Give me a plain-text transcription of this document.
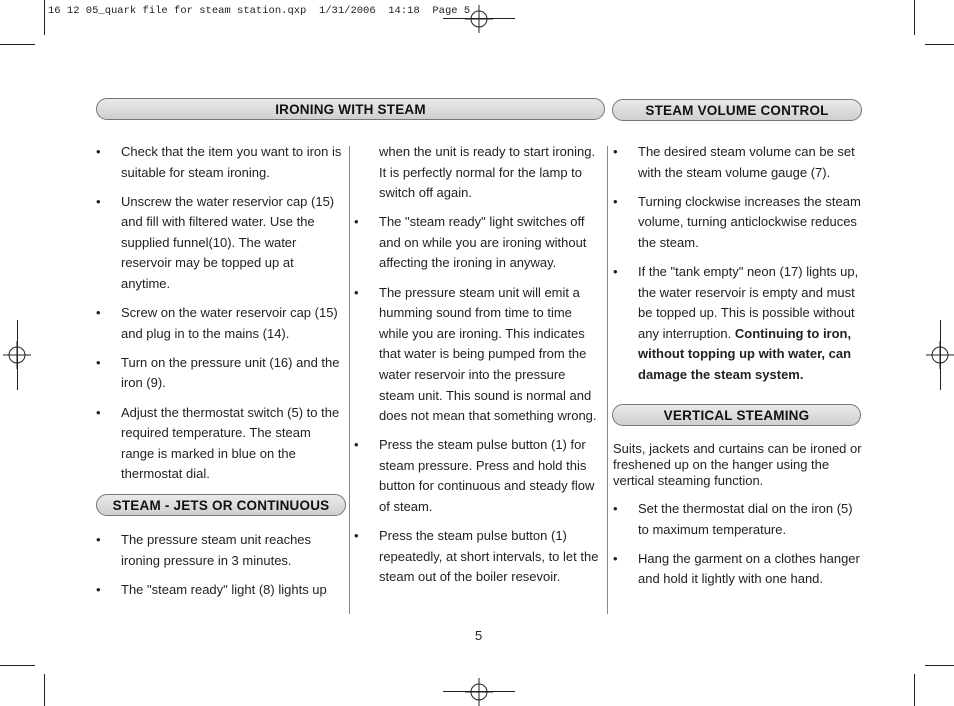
16 12 05_quark file for steam station.qxp  1/31/2006  14:18  Page 5
IRONING WITH STEAM	STEAM VOLUME CONTROL
STEAM - JETS OR CONTINUOUS
VERTICAL STEAMING
• Check that the item you want to iron is suitable for steam ironing.
• Unscrew the water reservior cap (15) and fill with filtered water. Use the supplied funnel(10). The water reservoir may be topped up at anytime.
• Screw on the water reservoir cap (15) and plug in to the mains (14).
• Turn on the pressure unit (16) and the iron (9).
• Adjust the thermostat switch (5) to the required temperature. The steam range is marked in blue on the thermostat dial.
• The pressure steam unit reaches ironing pressure in 3 minutes.
• The "steam ready" light (8) lights up
when the unit is ready to start ironing. It is perfectly normal for the lamp to switch off again.
• The "steam ready" light switches off and on while you are ironing without affecting the ironing in anyway.
• The pressure steam unit will emit a humming sound from time to time while you are ironing. This indicates that water is being pumped from the water reservoir into the pressure steam unit. This sound is normal and does not mean that something wrong.
• Press the steam pulse button (1) for steam pressure. Press and hold this button for continuous and steady flow of steam.
• Press the steam pulse button (1) repeatedly, at short intervals, to let the steam out of the boiler resevoir.
• The desired steam volume can be set with the steam volume gauge (7).
• Turning clockwise increases the steam volume, turning anticlockwise reduces the steam.
• If the "tank empty" neon (17) lights up, the water reservoir is empty and must be topped up. This is possible without any interruption. Continuing to iron, without topping up with water, can damage the steam system.
Suits, jackets and curtains can be ironed or freshened up on the hanger using the vertical steaming function.
• Set the thermostat dial on the iron (5) to maximum temperature.
• Hang the garment on a clothes hanger and hold it lightly with one hand.
5
